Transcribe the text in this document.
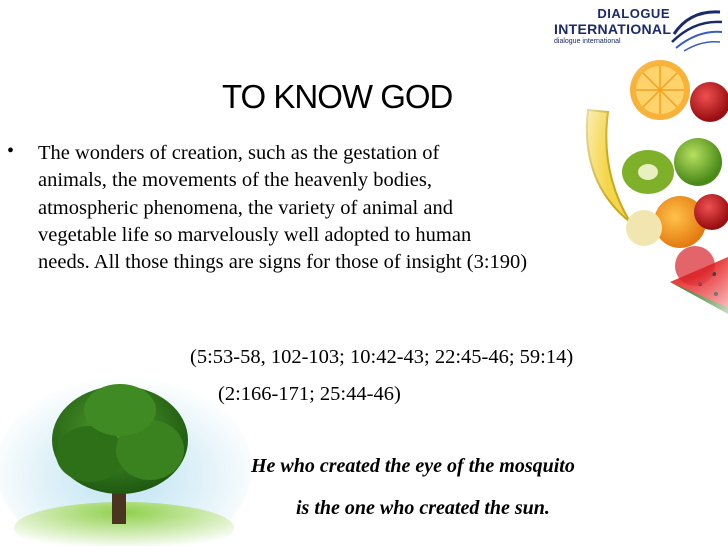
DIALOGUE
INTERNATIONAL
dialogue international
TO KNOW GOD
• The wonders of creation, such as the gestation of
animals, the movements of the heavenly bodies,
atmospheric phenomena, the variety of animal and
vegetable life so marvelously well adopted to human
needs. All those things are signs for those of insight (3:190)
(5:53-58, 102-103; 10:42-43; 22:45-46; 59:14)
(2:166-171; 25:44-46)
He who created the eye of the mosquito
is the one who created the sun.
